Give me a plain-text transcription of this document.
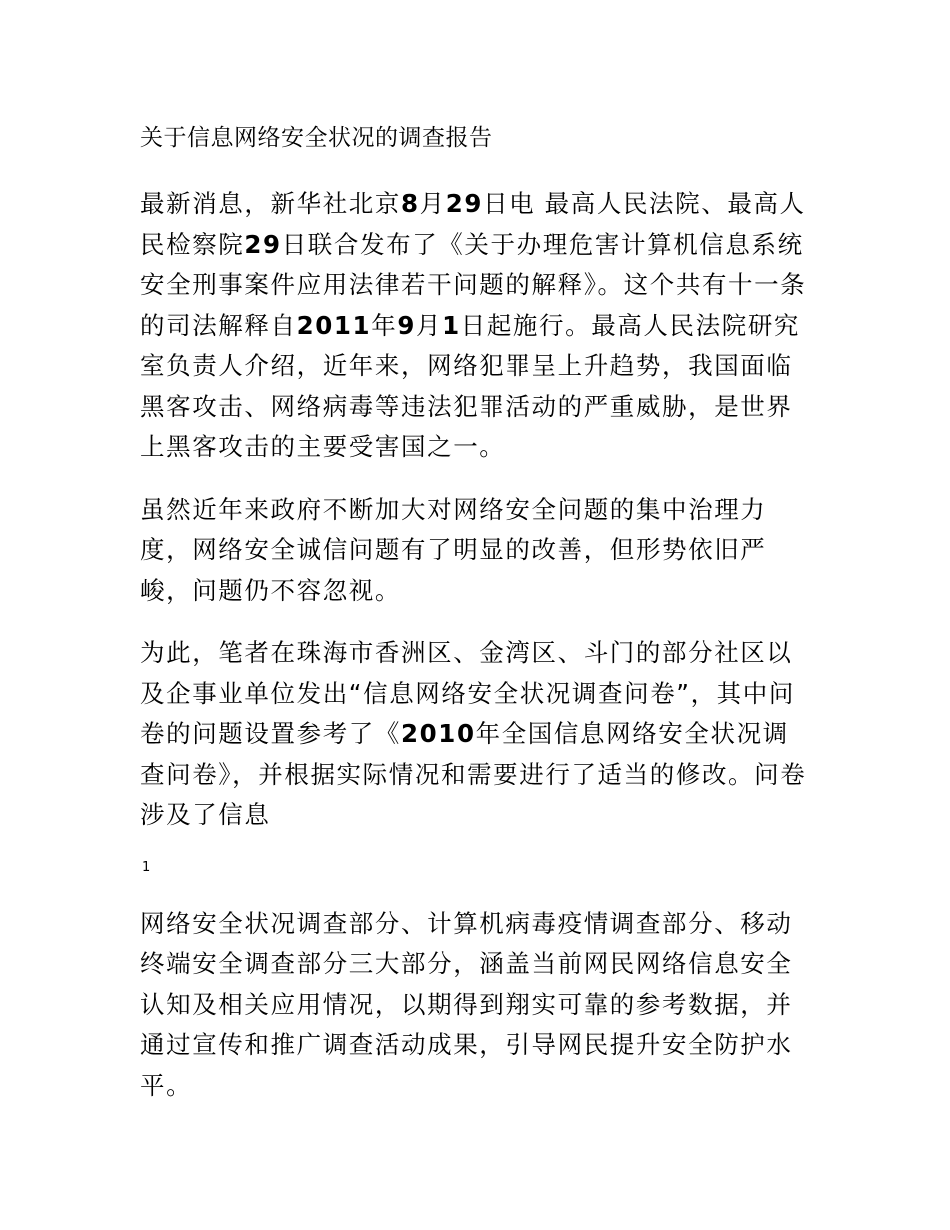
关于信息网络安全状况的调查报告

最新消息，新华社北京8月29日电 最高人民法院、最高人民检察院29日联合发布了《关于办理危害计算机信息系统安全刑事案件应用法律若干问题的解释》。这个共有十一条的司法解释自2011年9月1日起施行。最高人民法院研究室负责人介绍，近年来，网络犯罪呈上升趋势，我国面临黑客攻击、网络病毒等违法犯罪活动的严重威胁，是世界上黑客攻击的主要受害国之一。

虽然近年来政府不断加大对网络安全问题的集中治理力度，网络安全诚信问题有了明显的改善，但形势依旧严峻，问题仍不容忽视。

为此，笔者在珠海市香洲区、金湾区、斗门的部分社区以及企事业单位发出“信息网络安全状况调查问卷”，其中问卷的问题设置参考了《2010年全国信息网络安全状况调查问卷》，并根据实际情况和需要进行了适当的修改。问卷涉及了信息

1

网络安全状况调查部分、计算机病毒疫情调查部分、移动终端安全调查部分三大部分，涵盖当前网民网络信息安全认知及相关应用情况，以期得到翔实可靠的参考数据，并通过宣传和推广调查活动成果，引导网民提升安全防护水平。
